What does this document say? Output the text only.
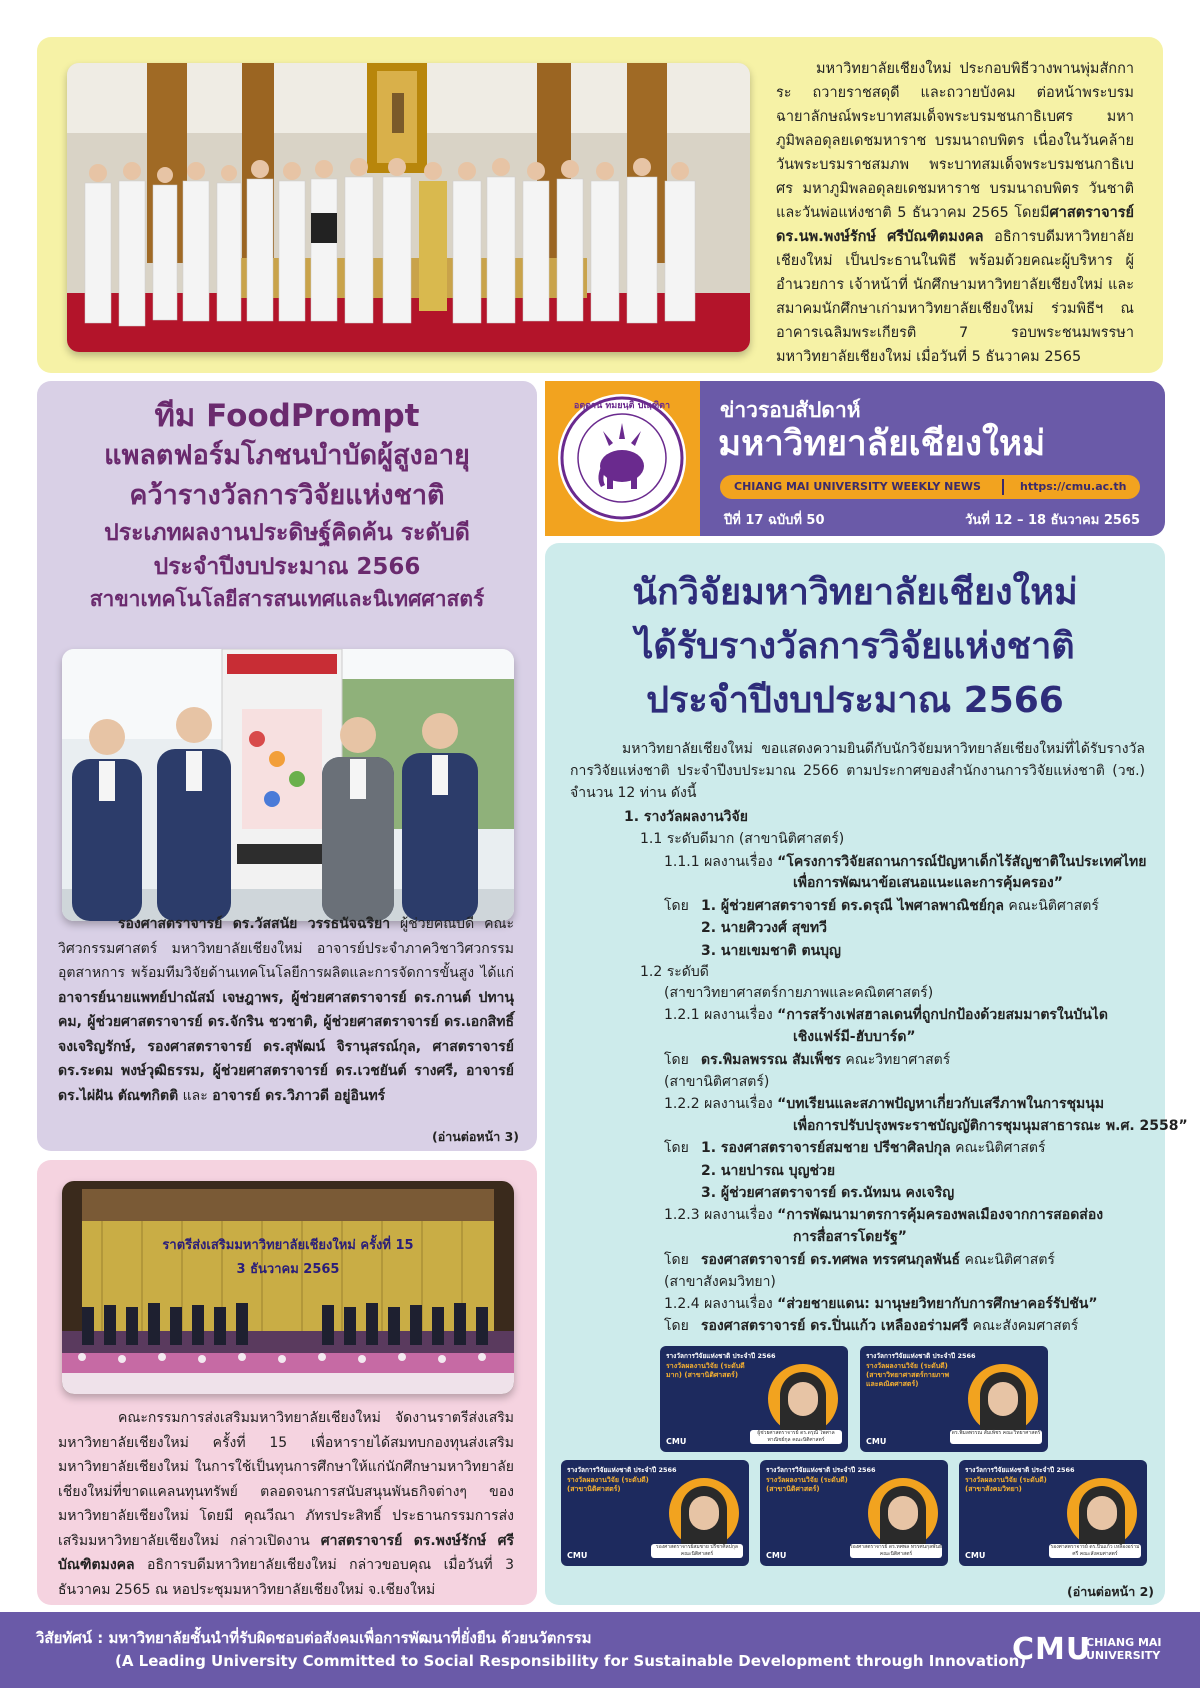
มหาวิทยาลัยเชียงใหม่ ประกอบพิธีวางพานพุ่มสักการะ ถวายราชสดุดี และถวายบังคม ต่อหน้าพระบรมฉายาลักษณ์พระบาทสมเด็จพระบรมชนกาธิเบศร มหาภูมิพลอดุลยเดชมหาราช บรมนาถบพิตร เนื่องในวันคล้ายวันพระบรมราชสมภพ พระบาทสมเด็จพระบรมชนกาธิเบศร มหาภูมิพลอดุลยเดชมหาราช บรมนาถบพิตร วันชาติ และวันพ่อแห่งชาติ 5 ธันวาคม 2565 โดยมีศาสตราจารย์ ดร.นพ.พงษ์รักษ์ ศรีบัณฑิตมงคล อธิการบดีมหาวิทยาลัยเชียงใหม่ เป็นประธานในพิธี พร้อมด้วยคณะผู้บริหาร ผู้อำนวยการ เจ้าหน้าที่ นักศึกษามหาวิทยาลัยเชียงใหม่ และสมาคมนักศึกษาเก่ามหาวิทยาลัยเชียงใหม่ ร่วมพิธีฯ ณ อาคารเฉลิมพระเกียรติ 7 รอบพระชนมพรรษา มหาวิทยาลัยเชียงใหม่ เมื่อวันที่ 5 ธันวาคม 2565
ทีม FoodPrompt
แพลตฟอร์มโภชนบำบัดผู้สูงอายุ
คว้ารางวัลการวิจัยแห่งชาติ
ประเภทผลงานประดิษฐ์คิดค้น ระดับดี
ประจำปีงบประมาณ 2566
สาขาเทคโนโลยีสารสนเทศและนิเทศศาสตร์
รองศาสตราจารย์ ดร.วัสสนัย วรรธนัจฉริยา ผู้ช่วยคณบดี คณะวิศวกรรมศาสตร์ มหาวิทยาลัยเชียงใหม่ อาจารย์ประจำภาควิชาวิศวกรรมอุตสาหการ พร้อมทีมวิจัยด้านเทคโนโลยีการผลิตและการจัดการขั้นสูง ได้แก่ อาจารย์นายแพทย์ปาณัสม์ เจษฎาพร, ผู้ช่วยศาสตราจารย์ ดร.กานต์ ปทานุคม, ผู้ช่วยศาสตราจารย์ ดร.จักริน ชวชาติ, ผู้ช่วยศาสตราจารย์ ดร.เอกสิทธิ์ จงเจริญรักษ์, รองศาสตราจารย์ ดร.สุพัฒน์ จิรานุสรณ์กุล, ศาสตราจารย์ ดร.ระดม พงษ์วุฒิธรรม, ผู้ช่วยศาสตราจารย์ ดร.เวชยันต์ รางศรี, อาจารย์ ดร.ไผ่ฝัน ตัณฑกิตติ และ อาจารย์ ดร.วิภาวดี อยู่อินทร์
(อ่านต่อหน้า 3)
ราตรีส่งเสริมมหาวิทยาลัยเชียงใหม่ ครั้งที่ 15
3 ธันวาคม 2565
คณะกรรมการส่งเสริมมหาวิทยาลัยเชียงใหม่ จัดงานราตรีส่งเสริมมหาวิทยาลัยเชียงใหม่ ครั้งที่ 15 เพื่อหารายได้สมทบกองทุนส่งเสริมมหาวิทยาลัยเชียงใหม่ ในการใช้เป็นทุนการศึกษาให้แก่นักศึกษามหาวิทยาลัยเชียงใหม่ที่ขาดแคลนทุนทรัพย์ ตลอดจนการสนับสนุนพันธกิจต่างๆ ของมหาวิทยาลัยเชียงใหม่ โดยมี คุณวีณา ภัทรประสิทธิ์ ประธานกรรมการส่งเสริมมหาวิทยาลัยเชียงใหม่ กล่าวเปิดงาน ศาสตราจารย์ ดร.พงษ์รักษ์ ศรีบัณฑิตมงคล อธิการบดีมหาวิทยาลัยเชียงใหม่ กล่าวขอบคุณ เมื่อวันที่ 3 ธันวาคม 2565 ณ หอประชุมมหาวิทยาลัยเชียงใหม่ จ.เชียงใหม่
อตฺตานํ ทมยนฺติ ปณฺฑิตา ข่าวรอบสัปดาห์
มหาวิทยาลัยเชียงใหม่
CHIANG MAI UNIVERSITY WEEKLY NEWS	https://cmu.ac.th
ปีที่ 17 ฉบับที่ 50	วันที่ 12 – 18 ธันวาคม 2565
นักวิจัยมหาวิทยาลัยเชียงใหม่
ได้รับรางวัลการวิจัยแห่งชาติ
ประจำปีงบประมาณ 2566
มหาวิทยาลัยเชียงใหม่ ขอแสดงความยินดีกับนักวิจัยมหาวิทยาลัยเชียงใหม่ที่ได้รับรางวัลการวิจัยแห่งชาติ ประจำปีงบประมาณ 2566 ตามประกาศของสำนักงานการวิจัยแห่งชาติ (วช.) จำนวน 12 ท่าน ดังนี้
1. รางวัลผลงานวิจัย
1.1 ระดับดีมาก (สาขานิติศาสตร์)
1.1.1 ผลงานเรื่อง “โครงการวิจัยสถานการณ์ปัญหาเด็กไร้สัญชาติในประเทศไทย
เพื่อการพัฒนาข้อเสนอแนะและการคุ้มครอง”
โดย 1. ผู้ช่วยศาสตราจารย์ ดร.ดรุณี ไพศาลพาณิชย์กุล คณะนิติศาสตร์
2. นายศิววงศ์ สุขทวี
3. นายเขมชาติ ตนบุญ
1.2 ระดับดี
(สาขาวิทยาศาสตร์กายภาพและคณิตศาสตร์)
1.2.1 ผลงานเรื่อง “การสร้างเฟสฮาลเดนที่ถูกปกป้องด้วยสมมาตรในบันได
เชิงแฟร์มี-ฮับบาร์ด”
โดย ดร.พิมลพรรณ สัมเพ็ชร คณะวิทยาศาสตร์
(สาขานิติศาสตร์)
1.2.2 ผลงานเรื่อง “บทเรียนและสภาพปัญหาเกี่ยวกับเสรีภาพในการชุมนุม
เพื่อการปรับปรุงพระราชบัญญัติการชุมนุมสาธารณะ พ.ศ. 2558”
โดย 1. รองศาสตราจารย์สมชาย ปรีชาศิลปกุล คณะนิติศาสตร์
2. นายปารณ บุญช่วย
3. ผู้ช่วยศาสตราจารย์ ดร.นัทมน คงเจริญ
1.2.3 ผลงานเรื่อง “การพัฒนามาตรการคุ้มครองพลเมืองจากการสอดส่อง
การสื่อสารโดยรัฐ”
โดย รองศาสตราจารย์ ดร.ทศพล ทรรศนกุลพันธ์ คณะนิติศาสตร์
(สาขาสังคมวิทยา)
1.2.4 ผลงานเรื่อง “ส่วยชายแดน: มานุษยวิทยากับการศึกษาคอร์รัปชัน”
โดย รองศาสตราจารย์ ดร.ปิ่นแก้ว เหลืองอร่ามศรี คณะสังคมศาสตร์
รางวัลการวิจัยแห่งชาติ ประจำปี 2566
รางวัลผลงานวิจัย (ระดับดีมาก) (สาขานิติศาสตร์)
ผู้ช่วยศาสตราจารย์ ดร.ดรุณี ไพศาลพาณิชย์กุล คณะนิติศาสตร์
CMU
รางวัลการวิจัยแห่งชาติ ประจำปี 2566
รางวัลผลงานวิจัย (ระดับดี) (สาขาวิทยาศาสตร์กายภาพ และคณิตศาสตร์)
ดร.พิมลพรรณ สัมเพ็ชร คณะวิทยาศาสตร์
CMU
รางวัลการวิจัยแห่งชาติ ประจำปี 2566
รางวัลผลงานวิจัย (ระดับดี) (สาขานิติศาสตร์)
รองศาสตราจารย์สมชาย ปรีชาศิลปกุล คณะนิติศาสตร์
CMU
รางวัลการวิจัยแห่งชาติ ประจำปี 2566
รางวัลผลงานวิจัย (ระดับดี) (สาขานิติศาสตร์)
รองศาสตราจารย์ ดร.ทศพล ทรรศนกุลพันธ์ คณะนิติศาสตร์
CMU
รางวัลการวิจัยแห่งชาติ ประจำปี 2566
รางวัลผลงานวิจัย (ระดับดี) (สาขาสังคมวิทยา)
รองศาสตราจารย์ ดร.ปิ่นแก้ว เหลืองอร่ามศรี คณะสังคมศาสตร์
CMU
(อ่านต่อหน้า 2)
วิสัยทัศน์ : มหาวิทยาลัยชั้นนำที่รับผิดชอบต่อสังคมเพื่อการพัฒนาที่ยั่งยืน ด้วยนวัตกรรม
(A Leading University Committed to Social Responsibility for Sustainable Development through Innovation)
CMU
CHIANG MAI
UNIVERSITY
